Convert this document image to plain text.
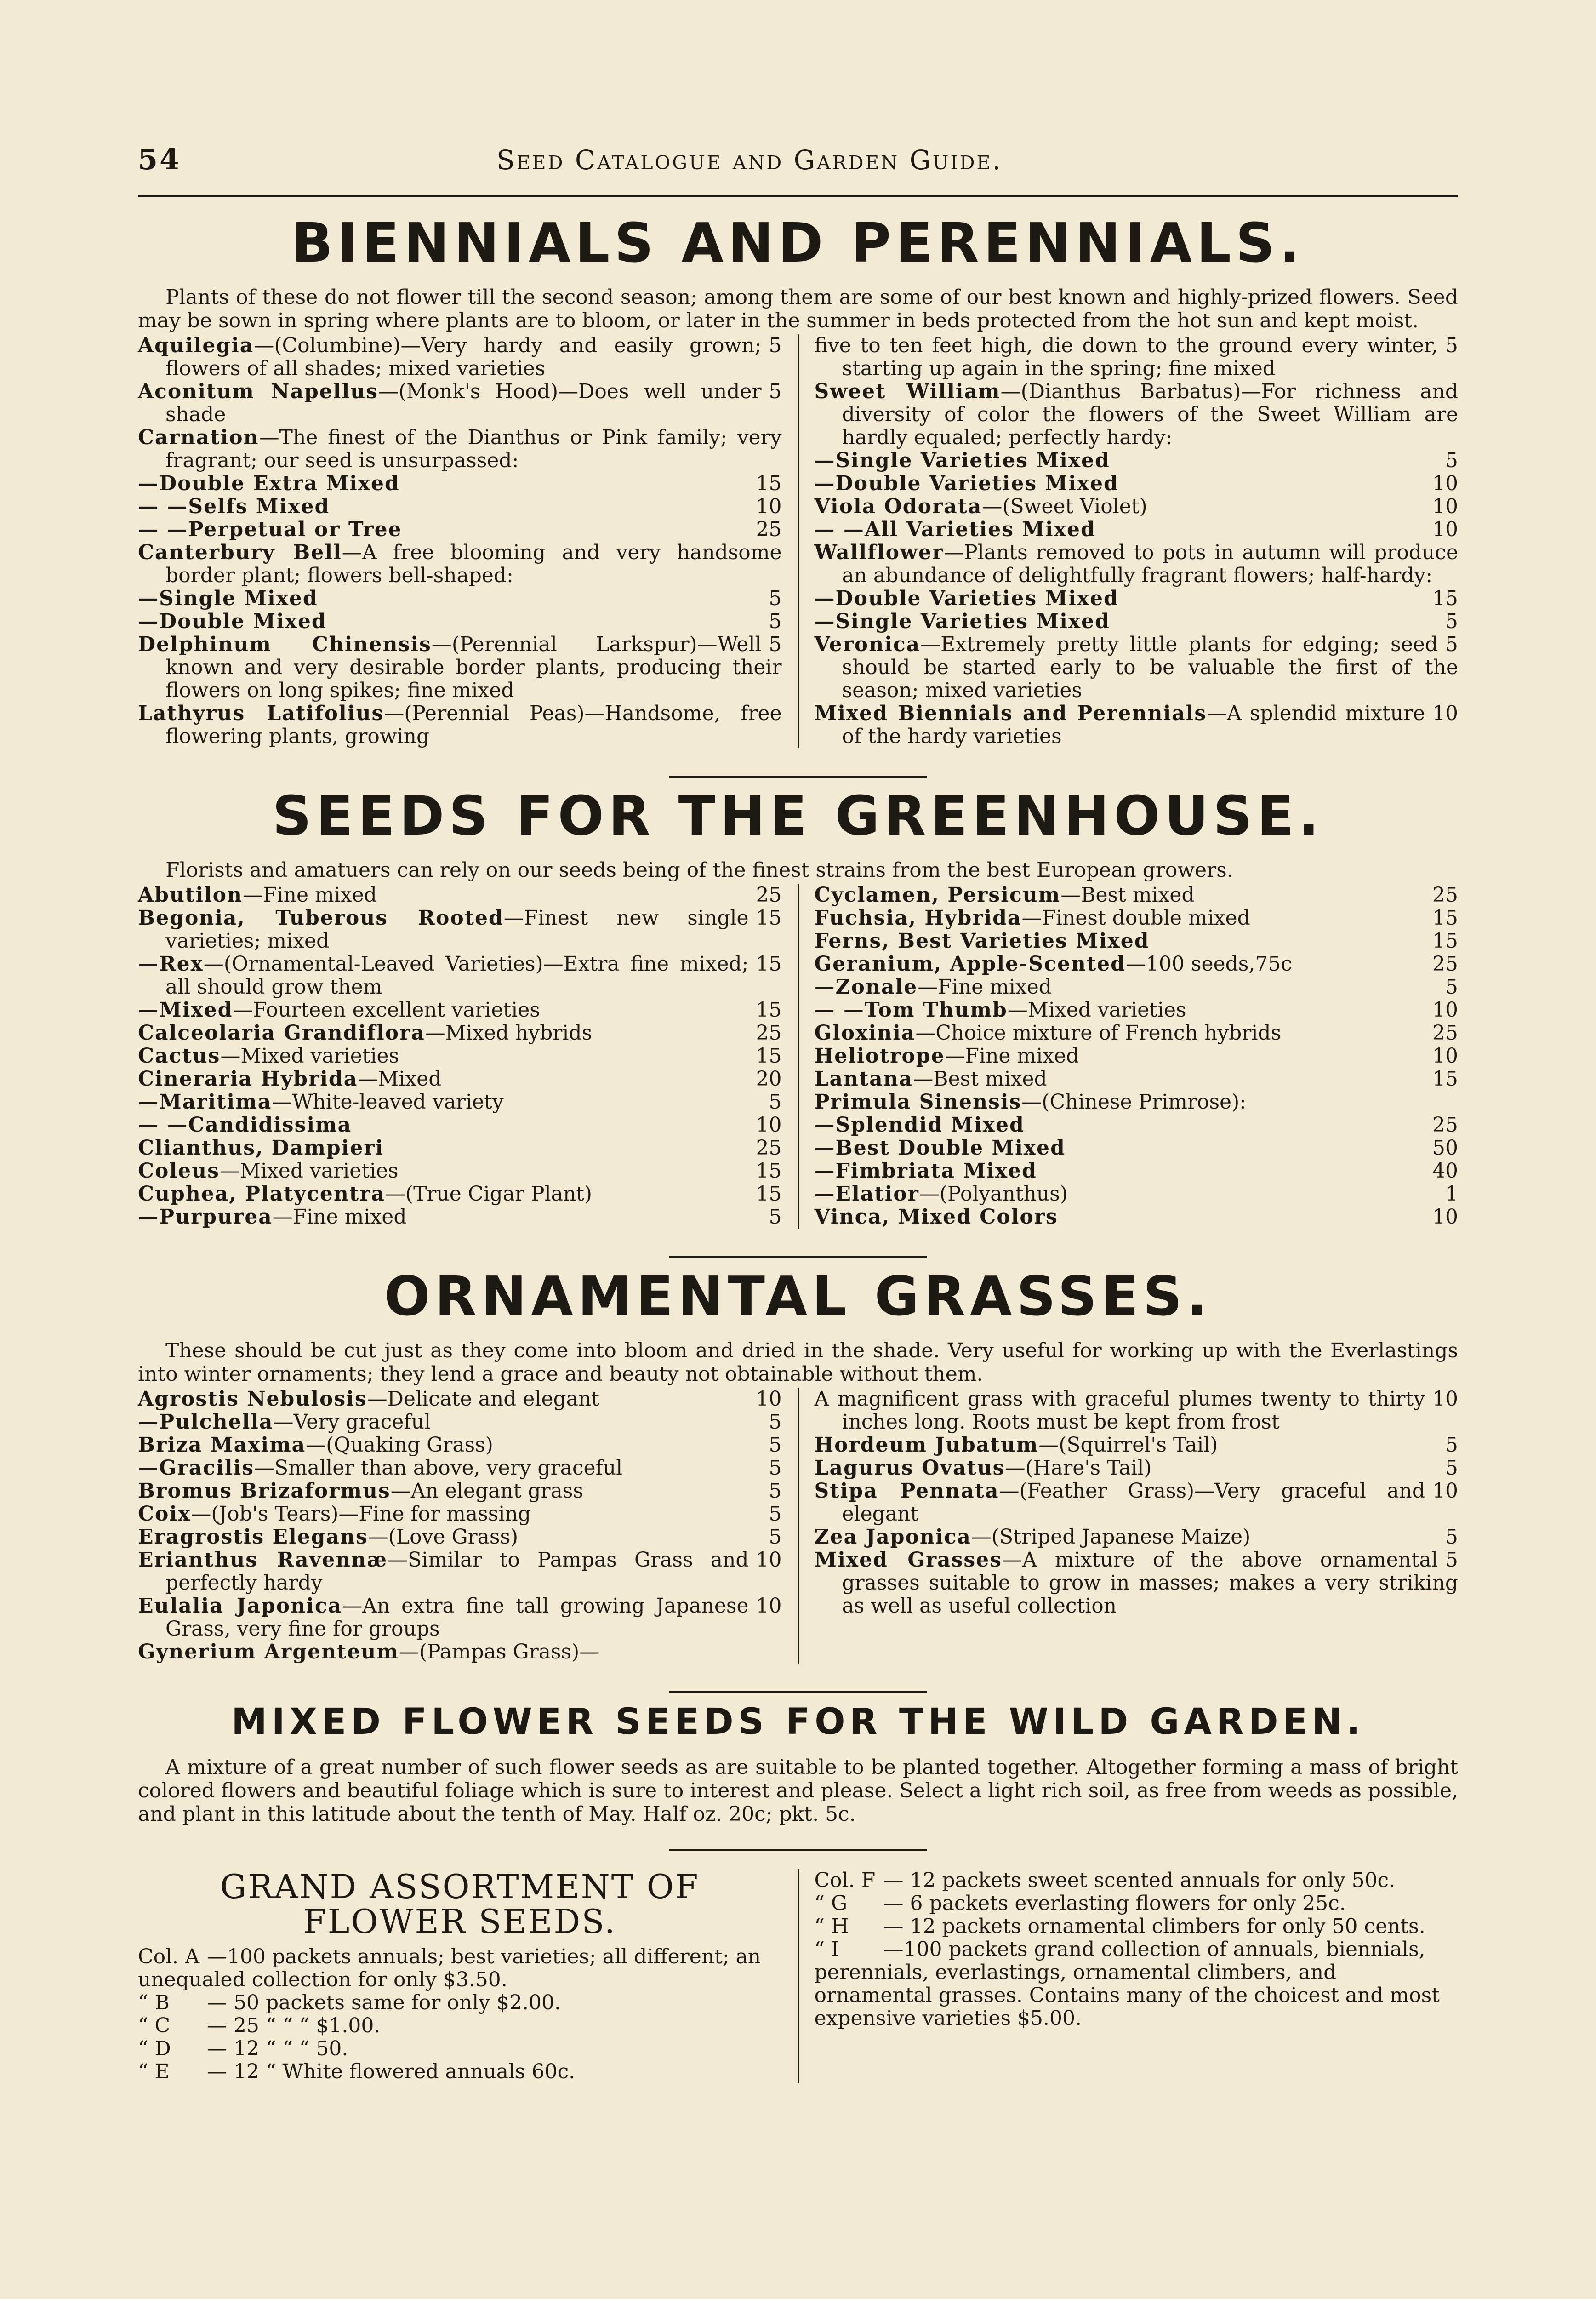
54	Seed Catalogue and Garden Guide.
BIENNIALS AND PERENNIALS.

Plants of these do not flower till the second season; among them are some of our best known and highly-prized flowers. Seed may be sown in spring where plants are to bloom, or later in the summer in beds protected from the hot sun and kept moist.

5
Aquilegia—(Columbine)—Very hardy and easily grown; flowers of all shades; mixed varieties

5
Aconitum Napellus—(Monk's Hood)—Does well under shade

Carnation—The finest of the Dianthus or Pink family; very fragrant; our seed is unsurpassed:

15
—Double Extra Mixed

10
— —Selfs Mixed

25
— —Perpetual or Tree

Canterbury Bell—A free blooming and very handsome border plant; flowers bell-shaped:

5
—Single Mixed

5
—Double Mixed

5
Delphinum Chinensis—(Perennial Larkspur)—Well known and very desirable border plants, producing their flowers on long spikes; fine mixed

Lathyrus Latifolius—(Perennial Peas)—Handsome, free flowering plants, growing

5
five to ten feet high, die down to the ground every winter, starting up again in the spring; fine mixed

Sweet William—(Dianthus Barbatus)—For richness and diversity of color the flowers of the Sweet William are hardly equaled; perfectly hardy:

5
—Single Varieties Mixed

10
—Double Varieties Mixed

10
Viola Odorata—(Sweet Violet)

10
— —All Varieties Mixed

Wallflower—Plants removed to pots in autumn will produce an abundance of delightfully fragrant flowers; half-hardy:

15
—Double Varieties Mixed

5
—Single Varieties Mixed

5
Veronica—Extremely pretty little plants for edging; seed should be started early to be valuable the first of the season; mixed varieties

10
Mixed Biennials and Perennials—A splendid mixture of the hardy varieties

SEEDS FOR THE GREENHOUSE.

Florists and amatuers can rely on our seeds being of the finest strains from the best European growers.

25
Abutilon—Fine mixed

15
Begonia, Tuberous Rooted—Finest new single varieties; mixed

15
—Rex—(Ornamental-Leaved Varieties)—Extra fine mixed; all should grow them

15
—Mixed—Fourteen excellent varieties

25
Calceolaria Grandiflora—Mixed hybrids

15
Cactus—Mixed varieties

20
Cineraria Hybrida—Mixed

5
—Maritima—White-leaved variety

10
— —Candidissima

25
Clianthus, Dampieri

15
Coleus—Mixed varieties

15
Cuphea, Platycentra—(True Cigar Plant)

5
—Purpurea—Fine mixed

25
Cyclamen, Persicum—Best mixed

15
Fuchsia, Hybrida—Finest double mixed

15
Ferns, Best Varieties Mixed

25
Geranium, Apple-Scented—100 seeds,75c

5
—Zonale—Fine mixed

10
— —Tom Thumb—Mixed varieties

25
Gloxinia—Choice mixture of French hybrids

10
Heliotrope—Fine mixed

15
Lantana—Best mixed

Primula Sinensis—(Chinese Primrose):

25
—Splendid Mixed

50
—Best Double Mixed

40
—Fimbriata Mixed

1
—Elatior—(Polyanthus)

10
Vinca, Mixed Colors

ORNAMENTAL GRASSES.

These should be cut just as they come into bloom and dried in the shade. Very useful for working up with the Everlastings into winter ornaments; they lend a grace and beauty not obtainable without them.

10
Agrostis Nebulosis—Delicate and elegant

5
—Pulchella—Very graceful

5
Briza Maxima—(Quaking Grass)

5
—Gracilis—Smaller than above, very graceful

5
Bromus Brizaformus—An elegant grass

5
Coix—(Job's Tears)—Fine for massing

5
Eragrostis Elegans—(Love Grass)

10
Erianthus Ravennæ—Similar to Pampas Grass and perfectly hardy

10
Eulalia Japonica—An extra fine tall growing Japanese Grass, very fine for groups

Gynerium Argenteum—(Pampas Grass)—

10
A magnificent grass with graceful plumes twenty to thirty inches long. Roots must be kept from frost

5
Hordeum Jubatum—(Squirrel's Tail)

5
Lagurus Ovatus—(Hare's Tail)

10
Stipa Pennata—(Feather Grass)—Very graceful and elegant

5
Zea Japonica—(Striped Japanese Maize)

5
Mixed Grasses—A mixture of the above ornamental grasses suitable to grow in masses; makes a very striking as well as useful collection

MIXED FLOWER SEEDS FOR THE WILD GARDEN.

A mixture of a great number of such flower seeds as are suitable to be planted together. Altogether forming a mass of bright colored flowers and beautiful foliage which is sure to interest and please. Select a light rich soil, as free from weeds as possible, and plant in this latitude about the tenth of May. Half oz. 20c; pkt. 5c.

GRAND ASSORTMENT OF
FLOWER SEEDS.

Col. A —100 packets annuals; best varieties; all different; an unequaled collection for only $3.50.

“ B — 50 packets same for only $2.00.

“ C — 25 “ “ “ $1.00.

“ D — 12 “ “ “ 50.

“ E — 12 “ White flowered annuals 60c.

Col. F — 12 packets sweet scented annuals for only 50c.

“ G — 6 packets everlasting flowers for only 25c.

“ H — 12 packets ornamental climbers for only 50 cents.

“ I —100 packets grand collection of annuals, biennials, perennials, everlastings, ornamental climbers, and ornamental grasses. Contains many of the choicest and most expensive varieties $5.00.
